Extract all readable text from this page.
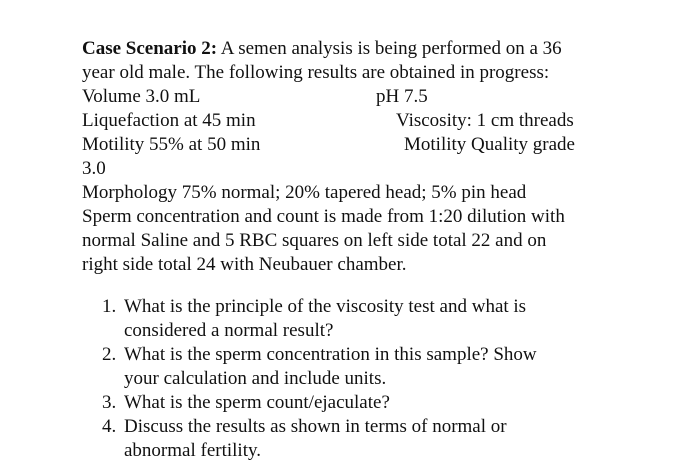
Case Scenario 2: A semen analysis is being performed on a 36
year old male. The following results are obtained in progress:
Volume 3.0 mL	pH 7.5
Liquefaction at 45 min	Viscosity: 1 cm threads
Motility 55% at 50 min	Motility Quality grade
3.0
Morphology 75% normal; 20% tapered head; 5% pin head
Sperm concentration and count is made from 1:20 dilution with
normal Saline and 5 RBC squares on left side total 22 and on
right side total 24 with Neubauer chamber.
1. What is the principle of the viscosity test and what is
considered a normal result?
2. What is the sperm concentration in this sample? Show
your calculation and include units.
3. What is the sperm count/ejaculate?
4. Discuss the results as shown in terms of normal or
abnormal fertility.
